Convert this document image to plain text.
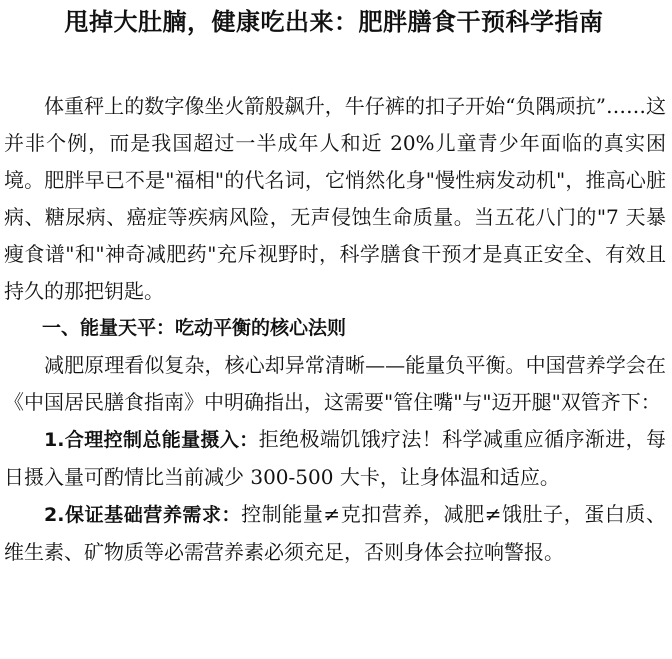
甩掉大肚腩，健康吃出来：肥胖膳食干预科学指南

体重秤上的数字像坐火箭般飙升，牛仔裤的扣子开始“负隅顽抗”……这并非个例，而是我国超过一半成年人和近 20%儿童青少年面临的真实困境。肥胖早已不是"福相"的代名词，它悄然化身"慢性病发动机"，推高心脏病、糖尿病、癌症等疾病风险，无声侵蚀生命质量。当五花八门的"7 天暴瘦食谱"和"神奇减肥药"充斥视野时，科学膳食干预才是真正安全、有效且持久的那把钥匙。

一、能量天平：吃动平衡的核心法则

减肥原理看似复杂，核心却异常清晰——能量负平衡。中国营养学会在《中国居民膳食指南》中明确指出，这需要"管住嘴"与"迈开腿"双管齐下：

1.合理控制总能量摄入：拒绝极端饥饿疗法！科学减重应循序渐进，每日摄入量可酌情比当前减少 300-500 大卡，让身体温和适应。

2.保证基础营养需求：控制能量≠克扣营养，减肥≠饿肚子，蛋白质、维生素、矿物质等必需营养素必须充足，否则身体会拉响警报。
